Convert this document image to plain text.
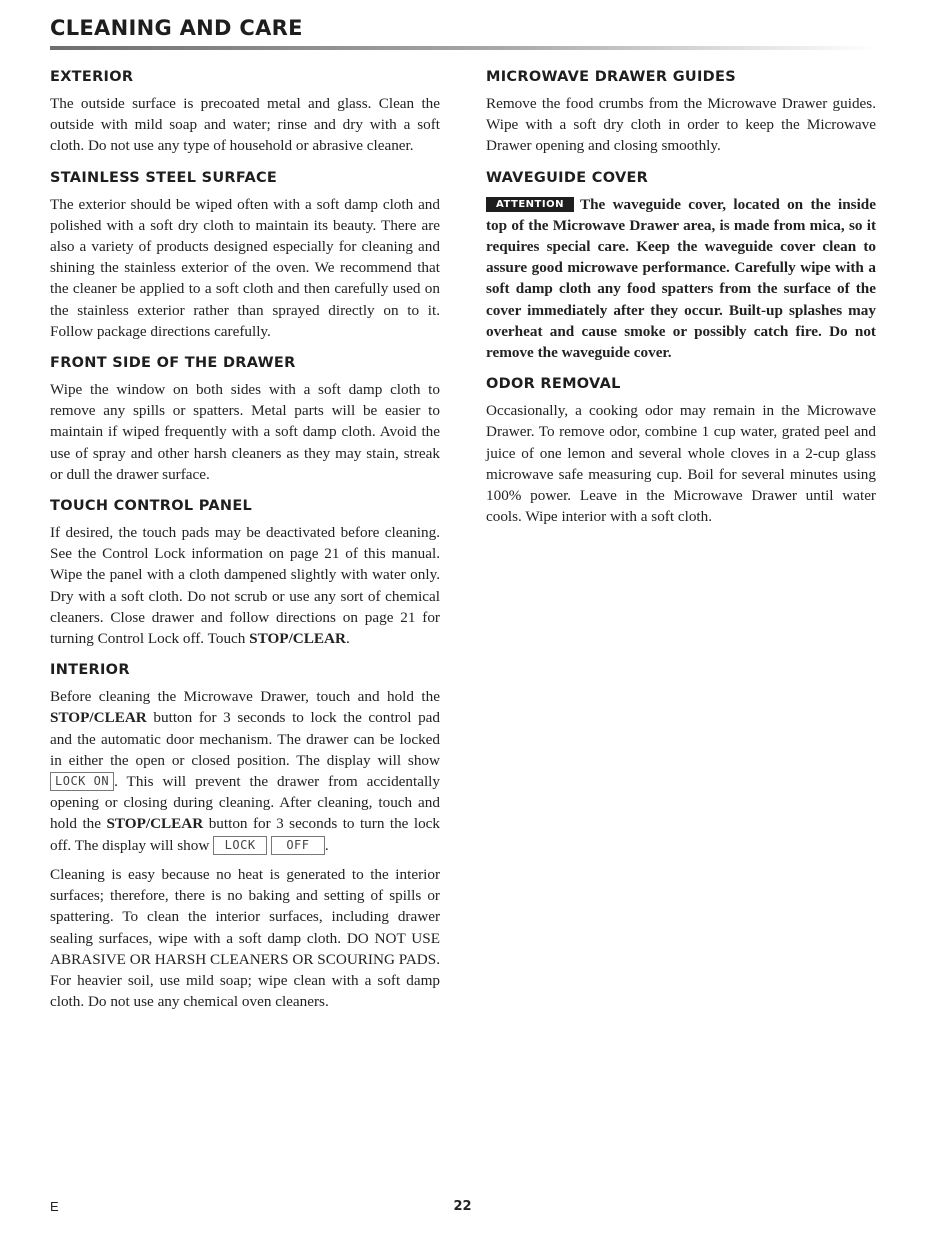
CLEANING AND CARE
EXTERIOR

The outside surface is precoated metal and glass. Clean the outside with mild soap and water; rinse and dry with a soft cloth. Do not use any type of household or abrasive cleaner.

STAINLESS STEEL SURFACE

The exterior should be wiped often with a soft damp cloth and polished with a soft dry cloth to maintain its beauty. There are also a variety of products designed especially for cleaning and shining the stainless exterior of the oven. We recommend that the cleaner be applied to a soft cloth and then carefully used on the stainless exterior rather than sprayed directly on to it. Follow package directions carefully.

FRONT SIDE OF THE DRAWER

Wipe the window on both sides with a soft damp cloth to remove any spills or spatters. Metal parts will be easier to maintain if wiped frequently with a soft damp cloth. Avoid the use of spray and other harsh cleaners as they may stain, streak or dull the drawer surface.

TOUCH CONTROL PANEL

If desired, the touch pads may be deactivated before cleaning. See the Control Lock information on page 21 of this manual. Wipe the panel with a cloth dampened slightly with water only. Dry with a soft cloth. Do not scrub or use any sort of chemical cleaners. Close drawer and follow directions on page 21 for turning Control Lock off. Touch STOP/CLEAR.

INTERIOR

Before cleaning the Microwave Drawer, touch and hold the STOP/CLEAR button for 3 seconds to lock the control pad and the automatic door mechanism. The drawer can be locked in either the open or closed position. The display will show LOCK ON . This will prevent the drawer from accidentally opening or closing during cleaning. After cleaning, touch and hold the STOP/CLEAR button for 3 seconds to turn the lock off. The display will show LOCK	OFF .

Cleaning is easy because no heat is generated to the interior surfaces; therefore, there is no baking and setting of spills or spattering. To clean the interior surfaces, including drawer sealing surfaces, wipe with a soft damp cloth. DO NOT USE ABRASIVE OR HARSH CLEANERS OR SCOURING PADS. For heavier soil, use mild soap; wipe clean with a soft damp cloth. Do not use any chemical oven cleaners.

MICROWAVE DRAWER GUIDES

Remove the food crumbs from the Microwave Drawer guides. Wipe with a soft dry cloth in order to keep the Microwave Drawer opening and closing smoothly.

WAVEGUIDE COVER

ATTENTION The waveguide cover, located on the inside top of the Microwave Drawer area, is made from mica, so it requires special care. Keep the waveguide cover clean to assure good microwave performance. Carefully wipe with a soft damp cloth any food spatters from the surface of the cover immediately after they occur. Built-up splashes may overheat and cause smoke or possibly catch fire. Do not remove the waveguide cover.

ODOR REMOVAL

Occasionally, a cooking odor may remain in the Microwave Drawer. To remove odor, combine 1 cup water, grated peel and juice of one lemon and several whole cloves in a 2-cup glass microwave safe measuring cup. Boil for several minutes using 100% power. Leave in the Microwave Drawer until water cools. Wipe interior with a soft cloth.

E	22
